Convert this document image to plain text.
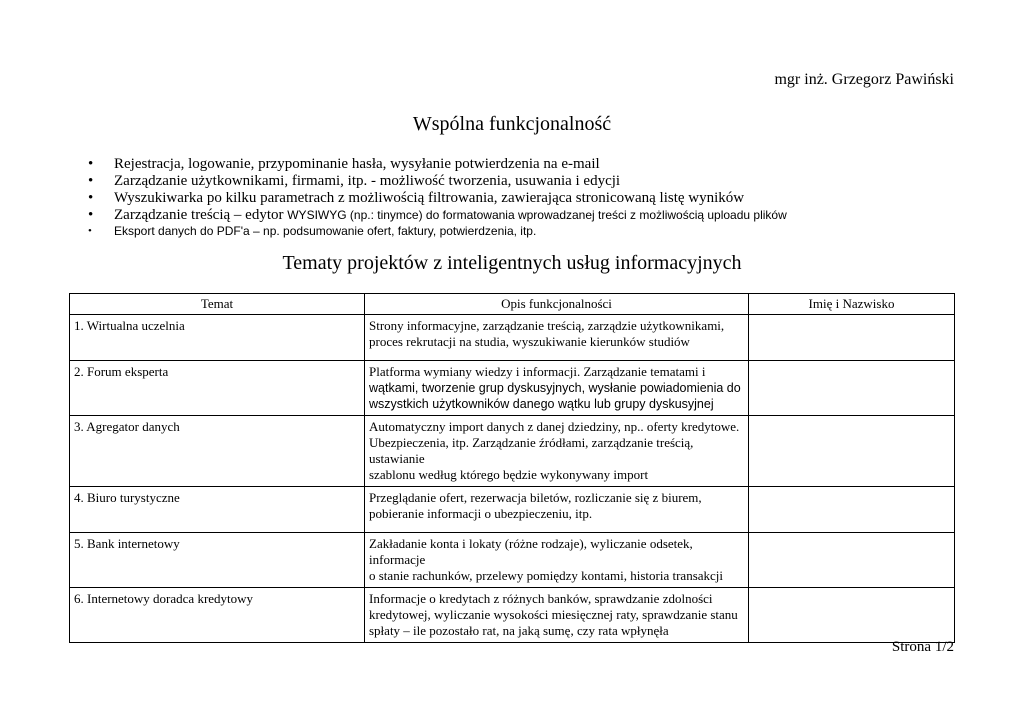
mgr inż. Grzegorz Pawiński
Wspólna funkcjonalność
• Rejestracja, logowanie, przypominanie hasła, wysyłanie potwierdzenia na e-mail
• Zarządzanie użytkownikami, firmami, itp. - możliwość tworzenia, usuwania i edycji
• Wyszukiwarka po kilku parametrach z możliwością filtrowania, zawierająca stronicowaną listę wyników
• Zarządzanie treścią – edytor WYSIWYG (np.: tinymce) do formatowania wprowadzanej treści z możliwością uploadu plików
• Eksport danych do PDF'a – np. podsumowanie ofert, faktury, potwierdzenia, itp.
Tematy projektów z inteligentnych usług informacyjnych
Temat	Opis funkcjonalności	Imię i Nazwisko
1. Wirtualna uczelnia	Strony informacyjne, zarządzanie treścią, zarządzie użytkownikami,
proces rekrutacji na studia, wyszukiwanie kierunków studiów	

2. Forum eksperta	Platforma wymiany wiedzy i informacji. Zarządzanie tematami i
wątkami, tworzenie grup dyskusyjnych, wysłanie powiadomienia do
wszystkich użytkowników danego wątku lub grupy dyskusyjnej	

3. Agregator danych	Automatyczny import danych z danej dziedziny, np.. oferty kredytowe.
Ubezpieczenia, itp. Zarządzanie źródłami, zarządzanie treścią, ustawianie
szablonu według którego będzie wykonywany import	

4. Biuro turystyczne	Przeglądanie ofert, rezerwacja biletów, rozliczanie się z biurem,
pobieranie informacji o ubezpieczeniu, itp.	

5. Bank internetowy	Zakładanie konta i lokaty (różne rodzaje), wyliczanie odsetek, informacje
o stanie rachunków, przelewy pomiędzy kontami, historia transakcji	

6. Internetowy doradca kredytowy	Informacje o kredytach z różnych banków, sprawdzanie zdolności
kredytowej, wyliczanie wysokości miesięcznej raty, sprawdzanie stanu
spłaty – ile pozostało rat, na jaką sumę, czy rata wpłynęła	

Strona 1/2
